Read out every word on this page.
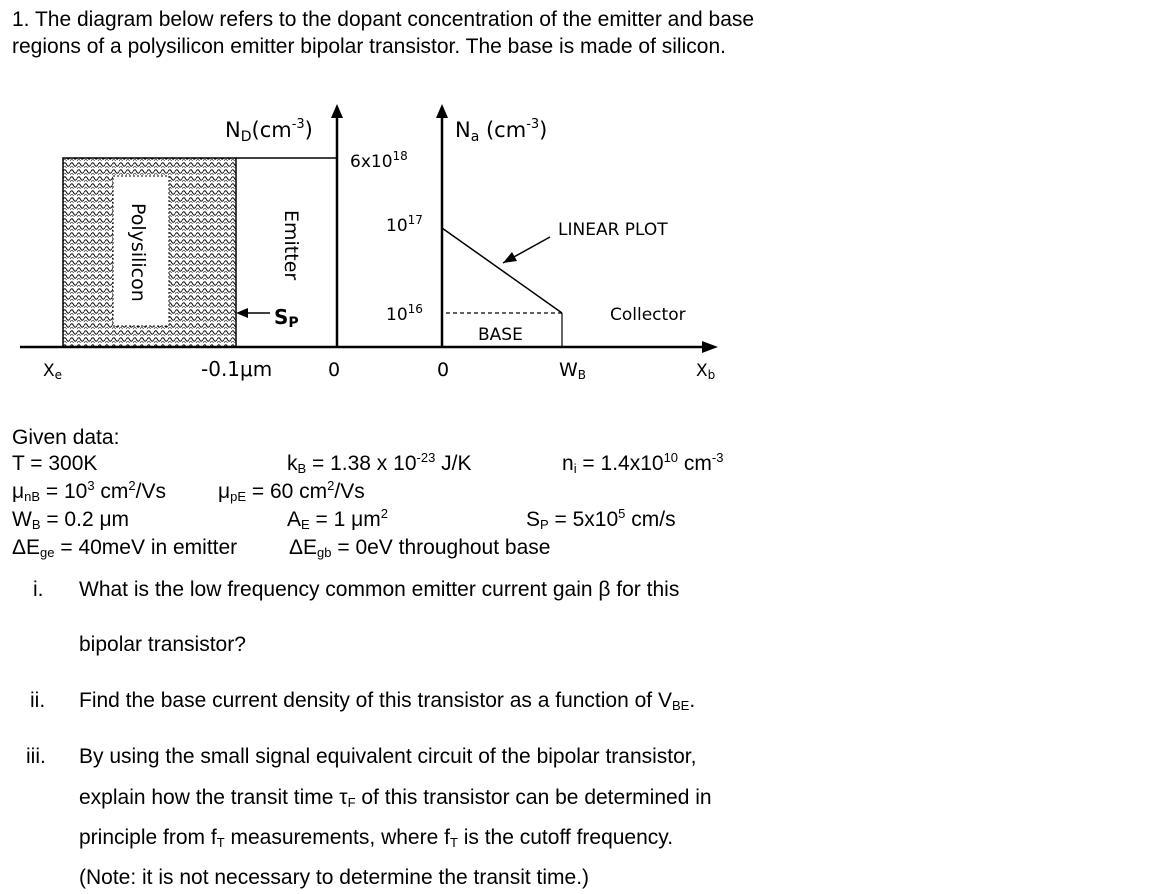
1. The diagram below refers to the dopant concentration of the emitter and base
regions of a polysilicon emitter bipolar transistor. The base is made of silicon.
Polysilicon	Emitter
$ND(cm^{-3})$
$6x10^{18}$
Na $(cm^{-3})$
$10^{17}$
$10^{16}$
LINEAR PLOT
BASE
Collector
SP
Xe	-0.1μm	0	0	WB	Xb
Given data:
T = 300K	$k_B = 1.38$ x $10^{-23}$ J/K	$n_i = 1.4x10^{10}$ $cm^{-3}$
$\mu_{nB} = 10^3$ $cm^2/Vs$ $\mu_{pE} = 60$ $cm^2/Vs$
$W_B = 0.2$ μm	$A_E = 1$ $\mu m^2$	$S_P = 5x10^5$ cm/s
$\Delta E_{ge} = 40meV$ in emitter $\Delta E_{gb} = 0eV$ throughout base
i. What is the low frequency common emitter current gain β for this
bipolar transistor?
ii. Find the base current density of this transistor as a function of $V_{BE}$.
iii. By using the small signal equivalent circuit of the bipolar transistor,
explain how the transit time $\tau_F$ of this transistor can be determined in
principle from $f_T$ measurements, where $f_T$ is the cutoff frequency.
(Note: it is not necessary to determine the transit time.)
